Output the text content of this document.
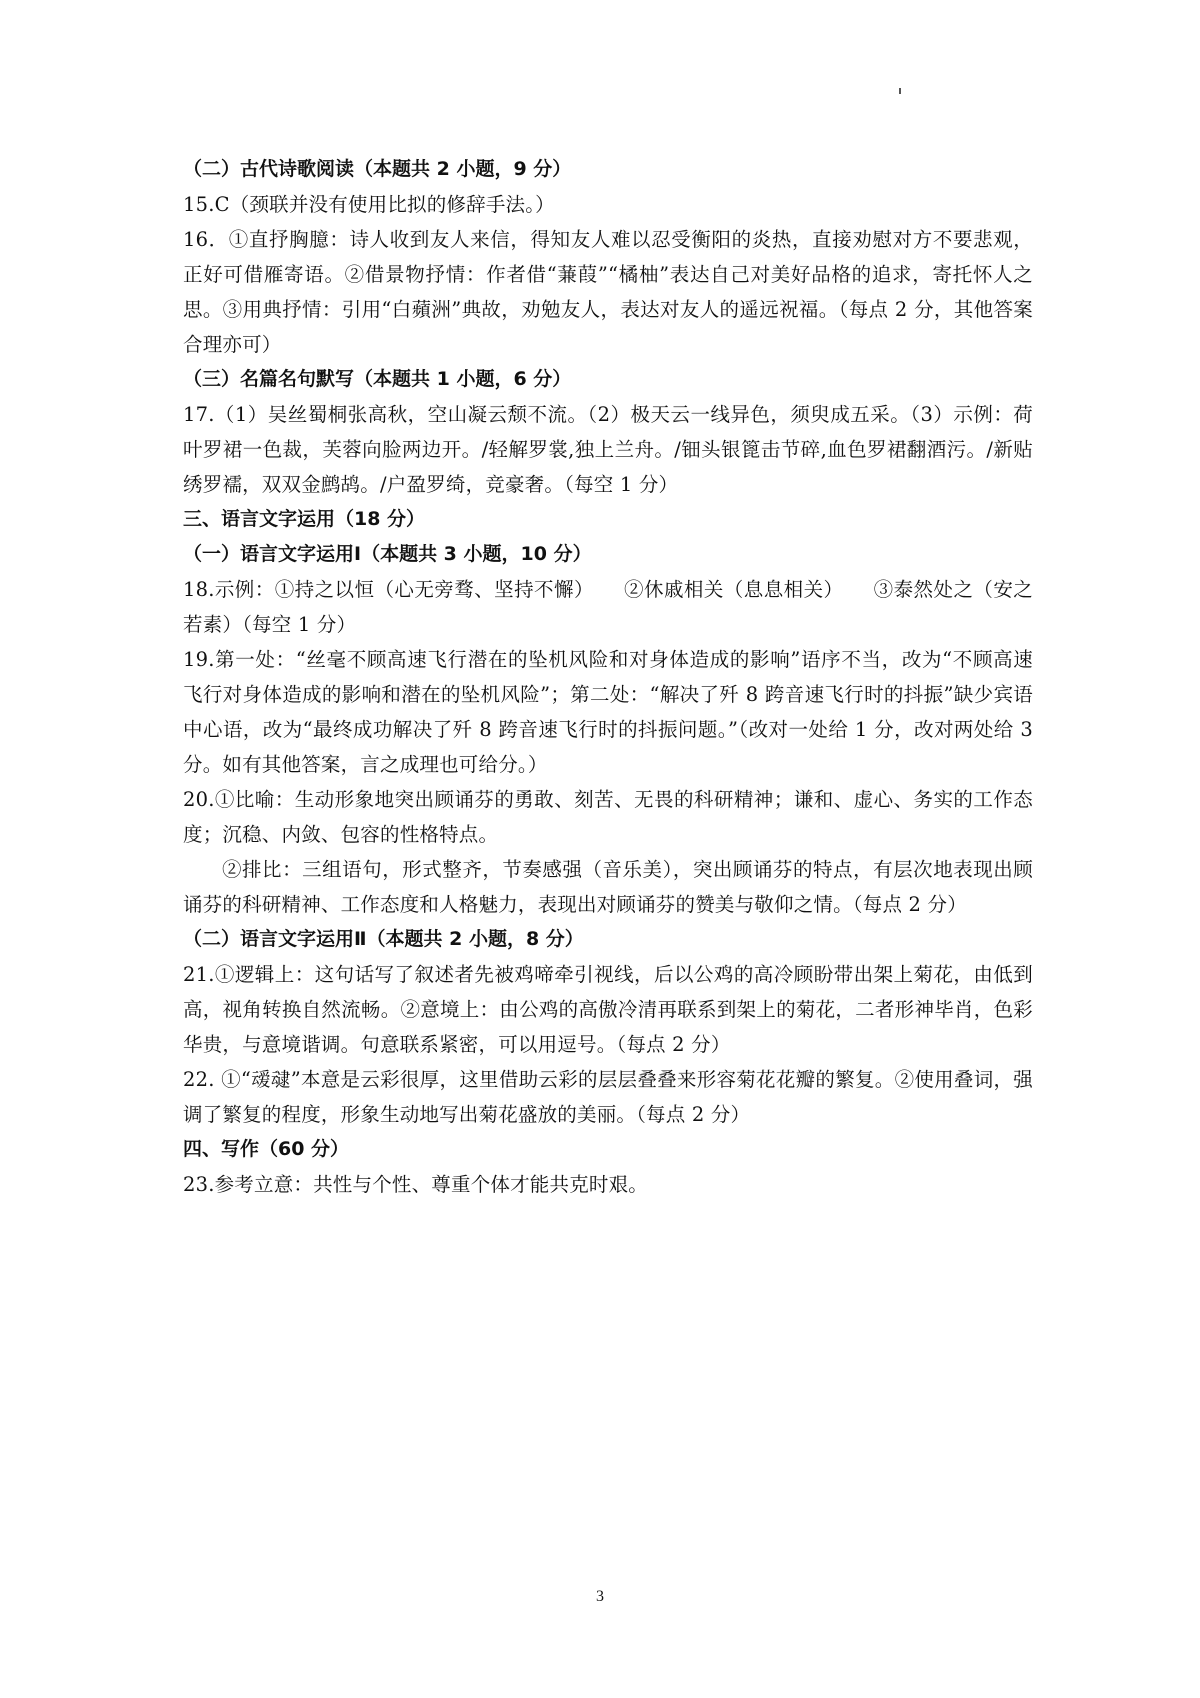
（二）古代诗歌阅读（本题共 2 小题，9 分）

15.C（颈联并没有使用比拟的修辞手法。）

16．①直抒胸臆：诗人收到友人来信，得知友人难以忍受衡阳的炎热，直接劝慰对方不要悲观，正好可借雁寄语。②借景物抒情：作者借“蒹葭”“橘柚”表达自己对美好品格的追求，寄托怀人之思。③用典抒情：引用“白蘋洲”典故，劝勉友人，表达对友人的遥远祝福。（每点 2 分，其他答案合理亦可）

（三）名篇名句默写（本题共 1 小题，6 分）

17.（1）吴丝蜀桐张高秋，空山凝云颓不流。（2）极天云一线异色，须臾成五采。（3）示例：荷叶罗裙一色裁，芙蓉向脸两边开。/轻解罗裳,独上兰舟。/钿头银篦击节碎,血色罗裙翻酒污。/新贴绣罗襦，双双金鹧鸪。/户盈罗绮，竞豪奢。（每空 1 分）

三、语言文字运用（18 分）

（一）语言文字运用Ⅰ（本题共 3 小题，10 分）

18.示例：①持之以恒（心无旁骛、坚持不懈）　　②休戚相关（息息相关）　　③泰然处之（安之若素）（每空 1 分）

19.第一处：“丝毫不顾高速飞行潜在的坠机风险和对身体造成的影响”语序不当，改为“不顾高速飞行对身体造成的影响和潜在的坠机风险”；第二处：“解决了歼 8 跨音速飞行时的抖振”缺少宾语中心语，改为“最终成功解决了歼 8 跨音速飞行时的抖振问题。”（改对一处给 1 分，改对两处给 3 分。如有其他答案，言之成理也可给分。）

20.①比喻：生动形象地突出顾诵芬的勇敢、刻苦、无畏的科研精神；谦和、虚心、务实的工作态度；沉稳、内敛、包容的性格特点。

②排比：三组语句，形式整齐，节奏感强（音乐美），突出顾诵芬的特点，有层次地表现出顾诵芬的科研精神、工作态度和人格魅力，表现出对顾诵芬的赞美与敬仰之情。（每点 2 分）

（二）语言文字运用Ⅱ（本题共 2 小题，8 分）

21.①逻辑上：这句话写了叙述者先被鸡啼牵引视线，后以公鸡的高冷顾盼带出架上菊花，由低到高，视角转换自然流畅。②意境上：由公鸡的高傲冷清再联系到架上的菊花，二者形神毕肖，色彩华贵，与意境谐调。句意联系紧密，可以用逗号。（每点 2 分）

22. ①“叆叇”本意是云彩很厚，这里借助云彩的层层叠叠来形容菊花花瓣的繁复。②使用叠词，强调了繁复的程度，形象生动地写出菊花盛放的美丽。（每点 2 分）

四、写作（60 分）

23.参考立意：共性与个性、尊重个体才能共克时艰。

3
